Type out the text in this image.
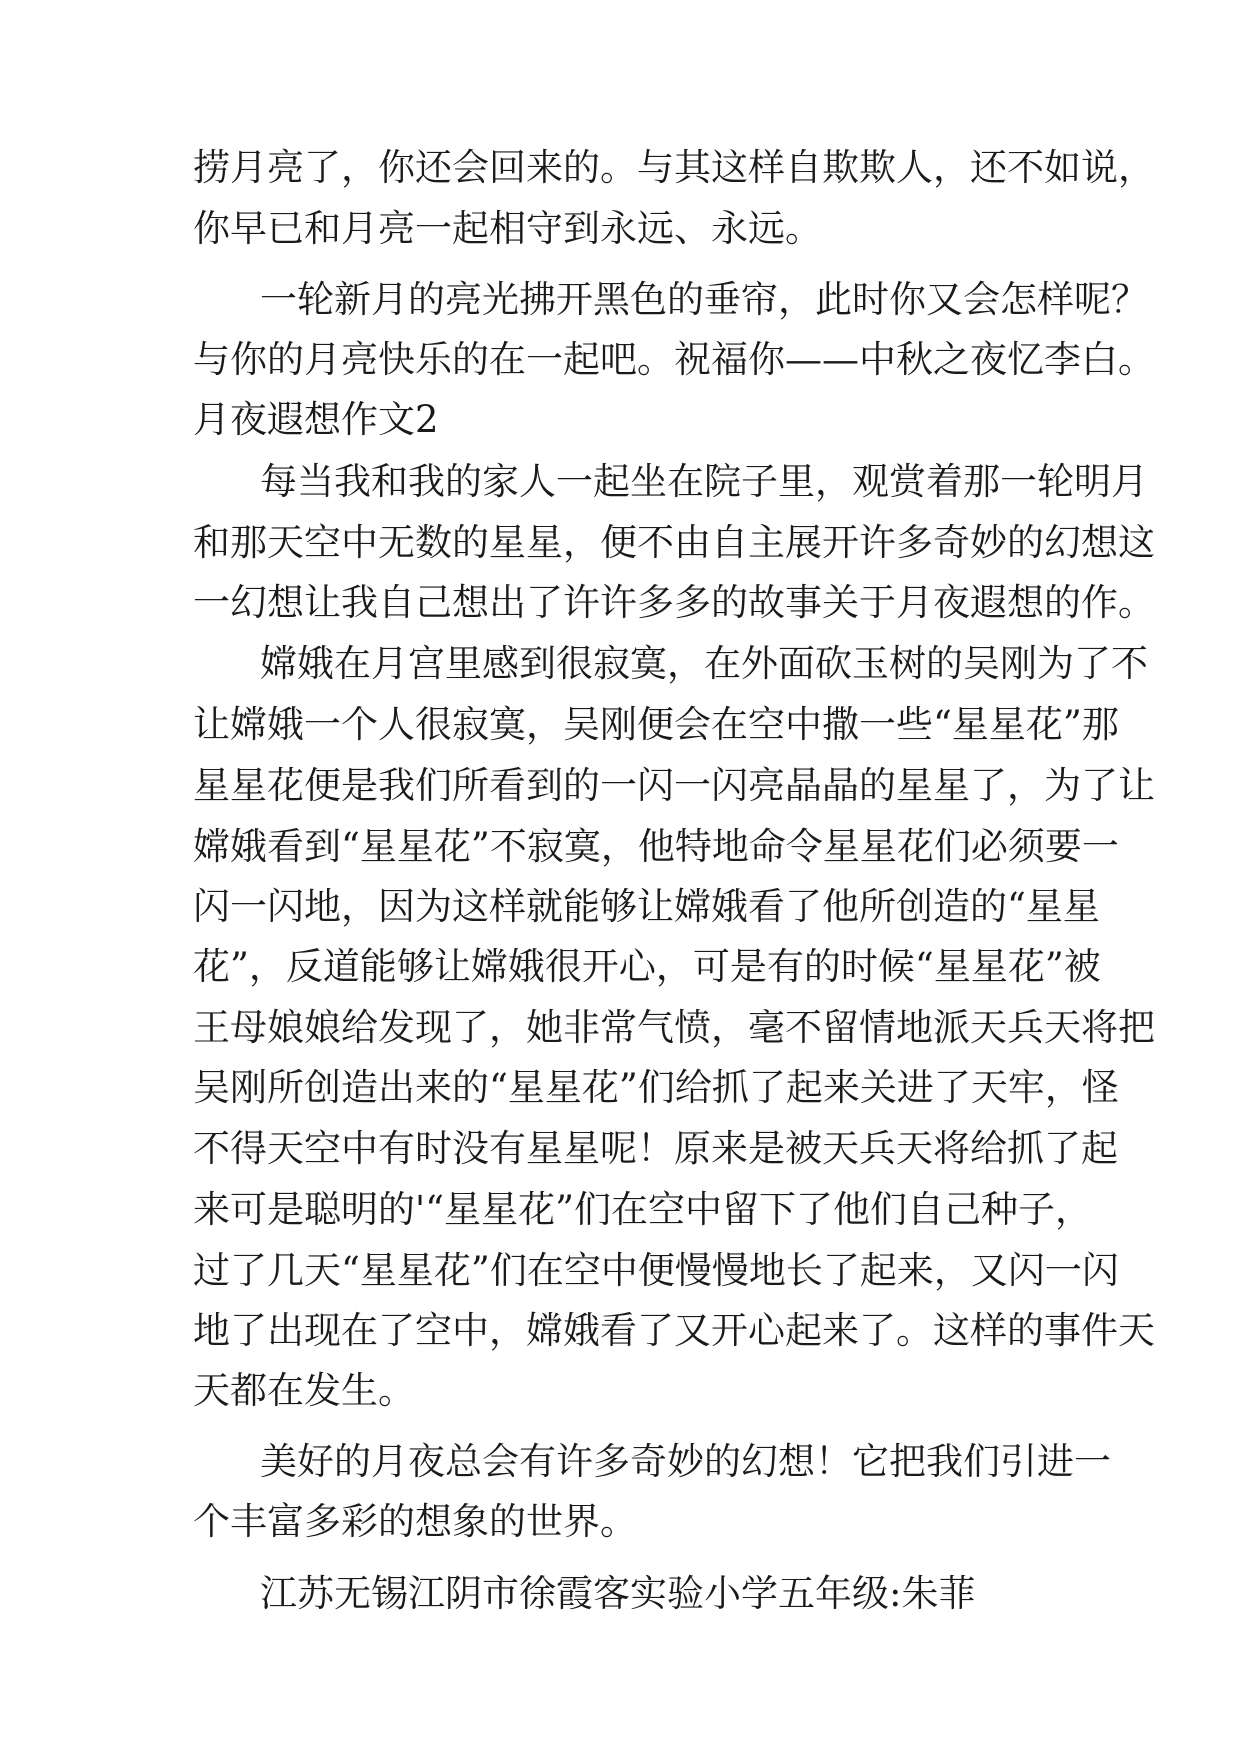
捞月亮了，你还会回来的。与其这样自欺欺人，还不如说，
你早已和月亮一起相守到永远、永远。
一轮新月的亮光拂开黑色的垂帘，此时你又会怎样呢？
与你的月亮快乐的在一起吧。祝福你——中秋之夜忆李白。
月夜遐想作文2
每当我和我的家人一起坐在院子里，观赏着那一轮明月
和那天空中无数的星星，便不由自主展开许多奇妙的幻想这
一幻想让我自己想出了许许多多的故事关于月夜遐想的作。
嫦娥在月宫里感到很寂寞，在外面砍玉树的吴刚为了不
让嫦娥一个人很寂寞，吴刚便会在空中撒一些“星星花”那
星星花便是我们所看到的一闪一闪亮晶晶的星星了，为了让
嫦娥看到“星星花”不寂寞，他特地命令星星花们必须要一
闪一闪地，因为这样就能够让嫦娥看了他所创造的“星星
花”，反道能够让嫦娥很开心，可是有的时候“星星花”被
王母娘娘给发现了，她非常气愤，毫不留情地派天兵天将把
吴刚所创造出来的“星星花”们给抓了起来关进了天牢，怪
不得天空中有时没有星星呢！原来是被天兵天将给抓了起
来可是聪明的'“星星花”们在空中留下了他们自己种子，
过了几天“星星花”们在空中便慢慢地长了起来，又闪一闪
地了出现在了空中，嫦娥看了又开心起来了。这样的事件天
天都在发生。
美好的月夜总会有许多奇妙的幻想！它把我们引进一
个丰富多彩的想象的世界。
江苏无锡江阴市徐霞客实验小学五年级:朱菲
